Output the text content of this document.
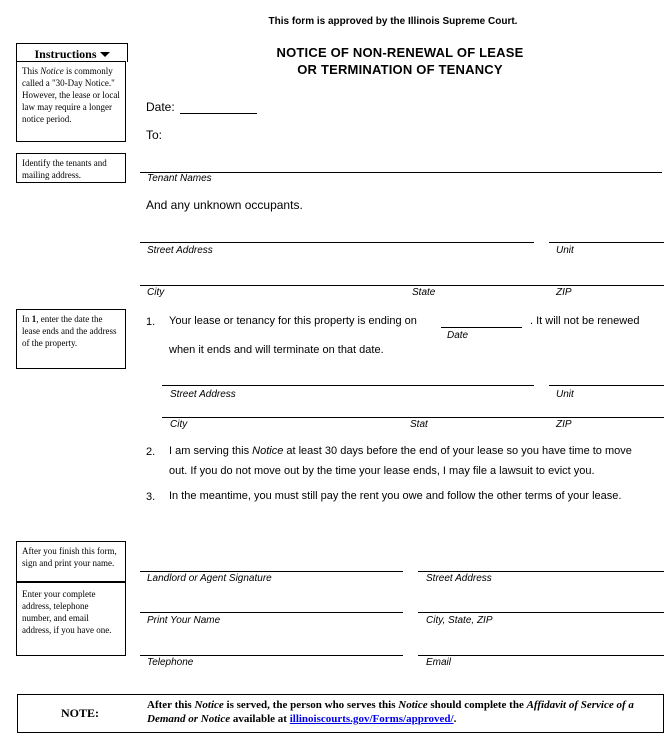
This form is approved by the Illinois Supreme Court.
NOTICE OF NON-RENEWAL OF LEASE
OR TERMINATION OF TENANCY
Instructions
This Notice is commonly called a "30-Day Notice." However, the lease or local law may require a longer notice period.
Identify the tenants and mailing address.
In 1, enter the date the lease ends and the address of the property.
After you finish this form, sign and print your name.
Enter your complete address, telephone number, and email address, if you have one.
Date:
To:
Tenant Names
And any unknown occupants.
Street Address	Unit
City	State	ZIP
1. Your lease or tenancy for this property is ending on
Date
. It will not be renewed
when it ends and will terminate on that date.
Street Address	Unit
City	Stat	ZIP
2. I am serving this Notice at least 30 days before the end of your lease so you have time to move out. If you do not move out by the time your lease ends, I may file a lawsuit to evict you.
3. In the meantime, you must still pay the rent you owe and follow the other terms of your lease.
Landlord or Agent Signature	Street Address
Print Your Name	City, State, ZIP
Telephone	Email
NOTE:
After this Notice is served, the person who serves this Notice should complete the Affidavit of Service of a Demand or Notice available at illinoiscourts.gov/Forms/approved/.
